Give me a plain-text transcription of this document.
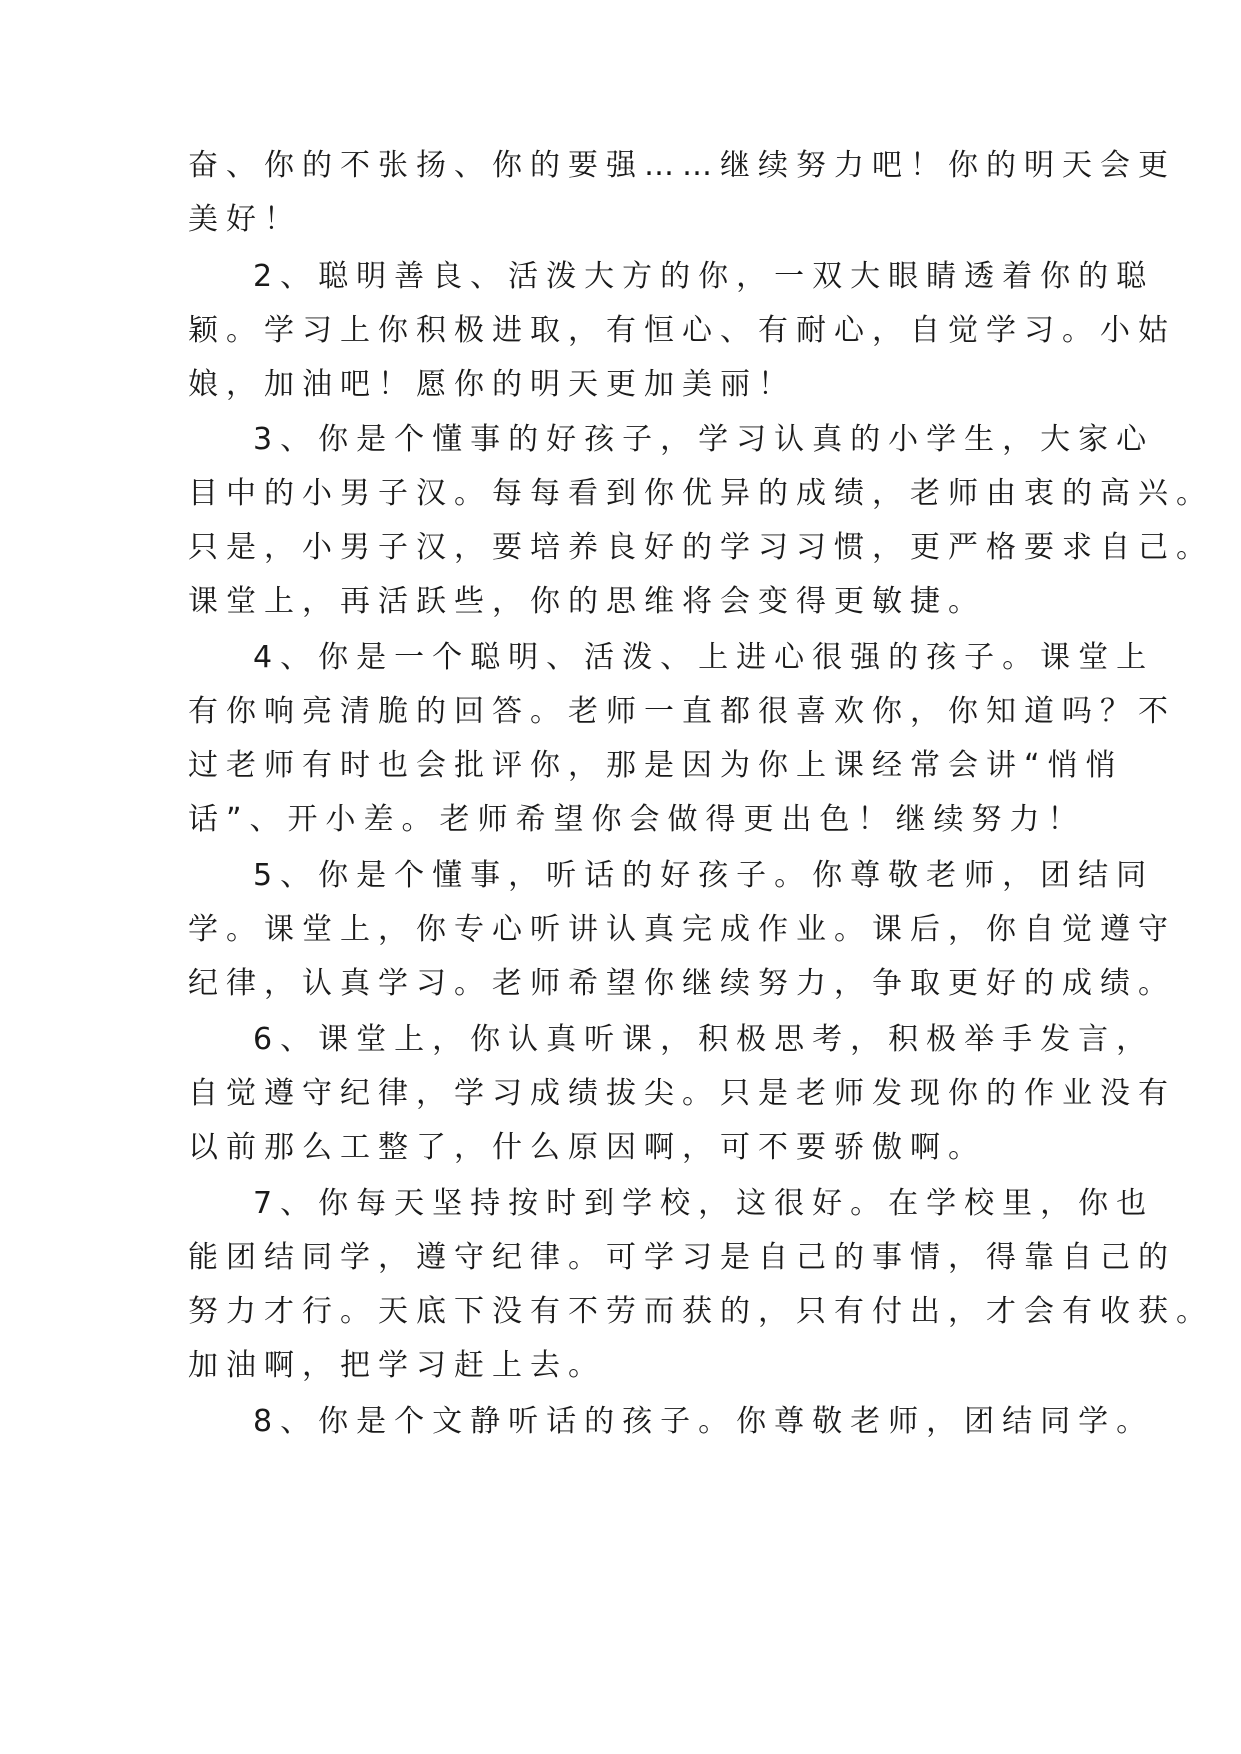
奋、你的不张扬、你的要强……继续努力吧！你的明天会更
美好！
2、聪明善良、活泼大方的你，一双大眼睛透着你的聪
颖。学习上你积极进取，有恒心、有耐心，自觉学习。小姑
娘，加油吧！愿你的明天更加美丽！
3、你是个懂事的好孩子，学习认真的小学生，大家心
目中的小男子汉。每每看到你优异的成绩，老师由衷的高兴。
只是，小男子汉，要培养良好的学习习惯，更严格要求自己。
课堂上，再活跃些，你的思维将会变得更敏捷。
4、你是一个聪明、活泼、上进心很强的孩子。课堂上
有你响亮清脆的回答。老师一直都很喜欢你，你知道吗？不
过老师有时也会批评你，那是因为你上课经常会讲“悄悄
话”、开小差。老师希望你会做得更出色！继续努力！
5、你是个懂事，听话的好孩子。你尊敬老师，团结同
学。课堂上，你专心听讲认真完成作业。课后，你自觉遵守
纪律，认真学习。老师希望你继续努力，争取更好的成绩。
6、课堂上，你认真听课，积极思考，积极举手发言，
自觉遵守纪律，学习成绩拔尖。只是老师发现你的作业没有
以前那么工整了，什么原因啊，可不要骄傲啊。
7、你每天坚持按时到学校，这很好。在学校里，你也
能团结同学，遵守纪律。可学习是自己的事情，得靠自己的
努力才行。天底下没有不劳而获的，只有付出，才会有收获。
加油啊，把学习赶上去。
8、你是个文静听话的孩子。你尊敬老师，团结同学。
